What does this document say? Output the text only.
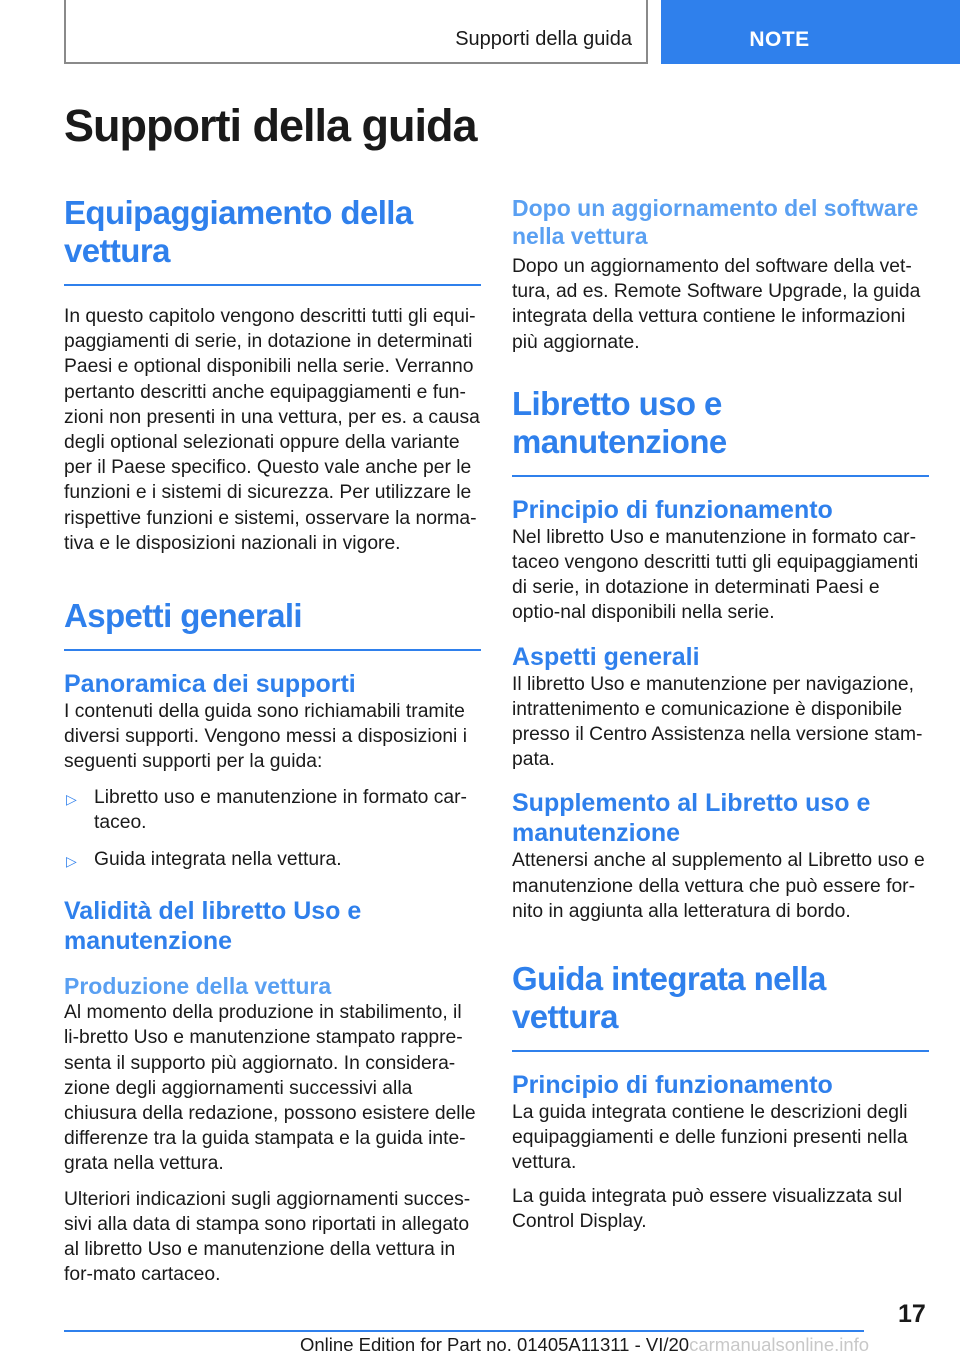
Supporti della guida	NOTE
Supporti della guida
Equipaggiamento della vettura

In questo capitolo vengono descritti tutti gli equi-paggiamenti di serie, in dotazione in determinati Paesi e optional disponibili nella serie. Verranno pertanto descritti anche equipaggiamenti e fun-zioni non presenti in una vettura, per es. a causa degli optional selezionati oppure della variante per il Paese specifico. Questo vale anche per le funzioni e i sistemi di sicurezza. Per utilizzare le rispettive funzioni e sistemi, osservare la norma-tiva e le disposizioni nazionali in vigore.

Aspetti generali
Panoramica dei supporti

I contenuti della guida sono richiamabili tramite diversi supporti. Vengono messi a disposizioni i seguenti supporti per la guida:

▷ Libretto uso e manutenzione in formato car-taceo.
▷ Guida integrata nella vettura.
Validità del libretto Uso e manutenzione
Produzione della vettura

Al momento della produzione in stabilimento, il li-bretto Uso e manutenzione stampato rappre-senta il supporto più aggiornato. In considera-zione degli aggiornamenti successivi alla chiusura della redazione, possono esistere delle differenze tra la guida stampata e la guida inte-grata nella vettura.

Ulteriori indicazioni sugli aggiornamenti succes-sivi alla data di stampa sono riportati in allegato al libretto Uso e manutenzione della vettura in for-mato cartaceo.

Dopo un aggiornamento del software nella vettura

Dopo un aggiornamento del software della vet-tura, ad es. Remote Software Upgrade, la guida integrata della vettura contiene le informazioni più aggiornate.

Libretto uso e manutenzione
Principio di funzionamento

Nel libretto Uso e manutenzione in formato car-taceo vengono descritti tutti gli equipaggiamenti di serie, in dotazione in determinati Paesi e optio-nal disponibili nella serie.

Aspetti generali

Il libretto Uso e manutenzione per navigazione, intrattenimento e comunicazione è disponibile presso il Centro Assistenza nella versione stam-pata.

Supplemento al Libretto uso e manutenzione

Attenersi anche al supplemento al Libretto uso e manutenzione della vettura che può essere for-nito in aggiunta alla letteratura di bordo.

Guida integrata nella vettura
Principio di funzionamento

La guida integrata contiene le descrizioni degli equipaggiamenti e delle funzioni presenti nella vettura.

La guida integrata può essere visualizzata sul Control Display.

17
Online Edition for Part no. 01405A11311 - VI/20carmanualsonline.info
